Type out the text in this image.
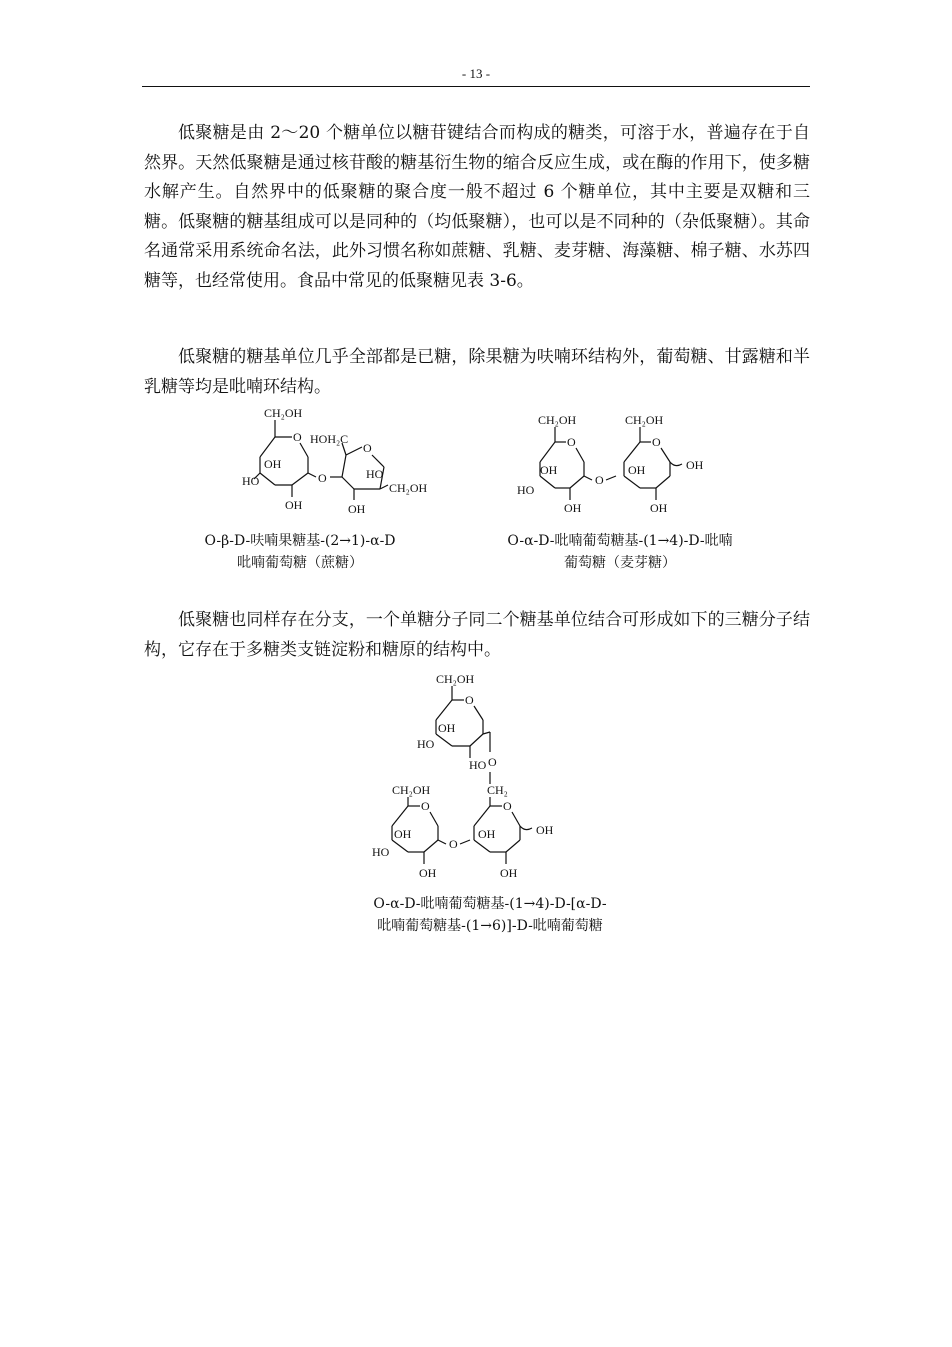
- 13 -

低聚糖是由 2～20 个糖单位以糖苷键结合而构成的糖类，可溶于水，普遍存在于自然界。天然低聚糖是通过核苷酸的糖基衍生物的缩合反应生成，或在酶的作用下，使多糖水解产生。自然界中的低聚糖的聚合度一般不超过 6 个糖单位，其中主要是双糖和三糖。低聚糖的糖基组成可以是同种的（均低聚糖），也可以是不同种的（杂低聚糖）。其命名通常采用系统命名法，此外习惯名称如蔗糖、乳糖、麦芽糖、海藻糖、棉子糖、水苏四糖等，也经常使用。食品中常见的低聚糖见表 3-6。

低聚糖的糖基单位几乎全部都是已糖，除果糖为呋喃环结构外，葡萄糖、甘露糖和半乳糖等均是吡喃环结构。

CH₂OH
O HOH₂C
O
OH
HO	O	HO
CH₂OH
OH	OH
CH₂OH	CH₂OH
O	O
OH
HO
O
OH	OH
OH	OH

O-β-D-呋喃果糖基-(2→1)-α-D
吡喃葡萄糖（蔗糖）

O-α-D-吡喃葡萄糖基-(1→4)-D-吡喃
葡萄糖（麦芽糖）

低聚糖也同样存在分支，一个单糖分子同二个糖基单位结合可形成如下的三糖分子结构，它存在于多糖类支链淀粉和糖原的结构中。

CH₂OH
O
OH
HO
HO O
CH₂OH	CH₂
O	O
OH
HO
O
OH	OH
OH	OH

O-α-D-吡喃葡萄糖基-(1→4)-D-[α-D-
吡喃葡萄糖基-(1→6)]-D-吡喃葡萄糖
